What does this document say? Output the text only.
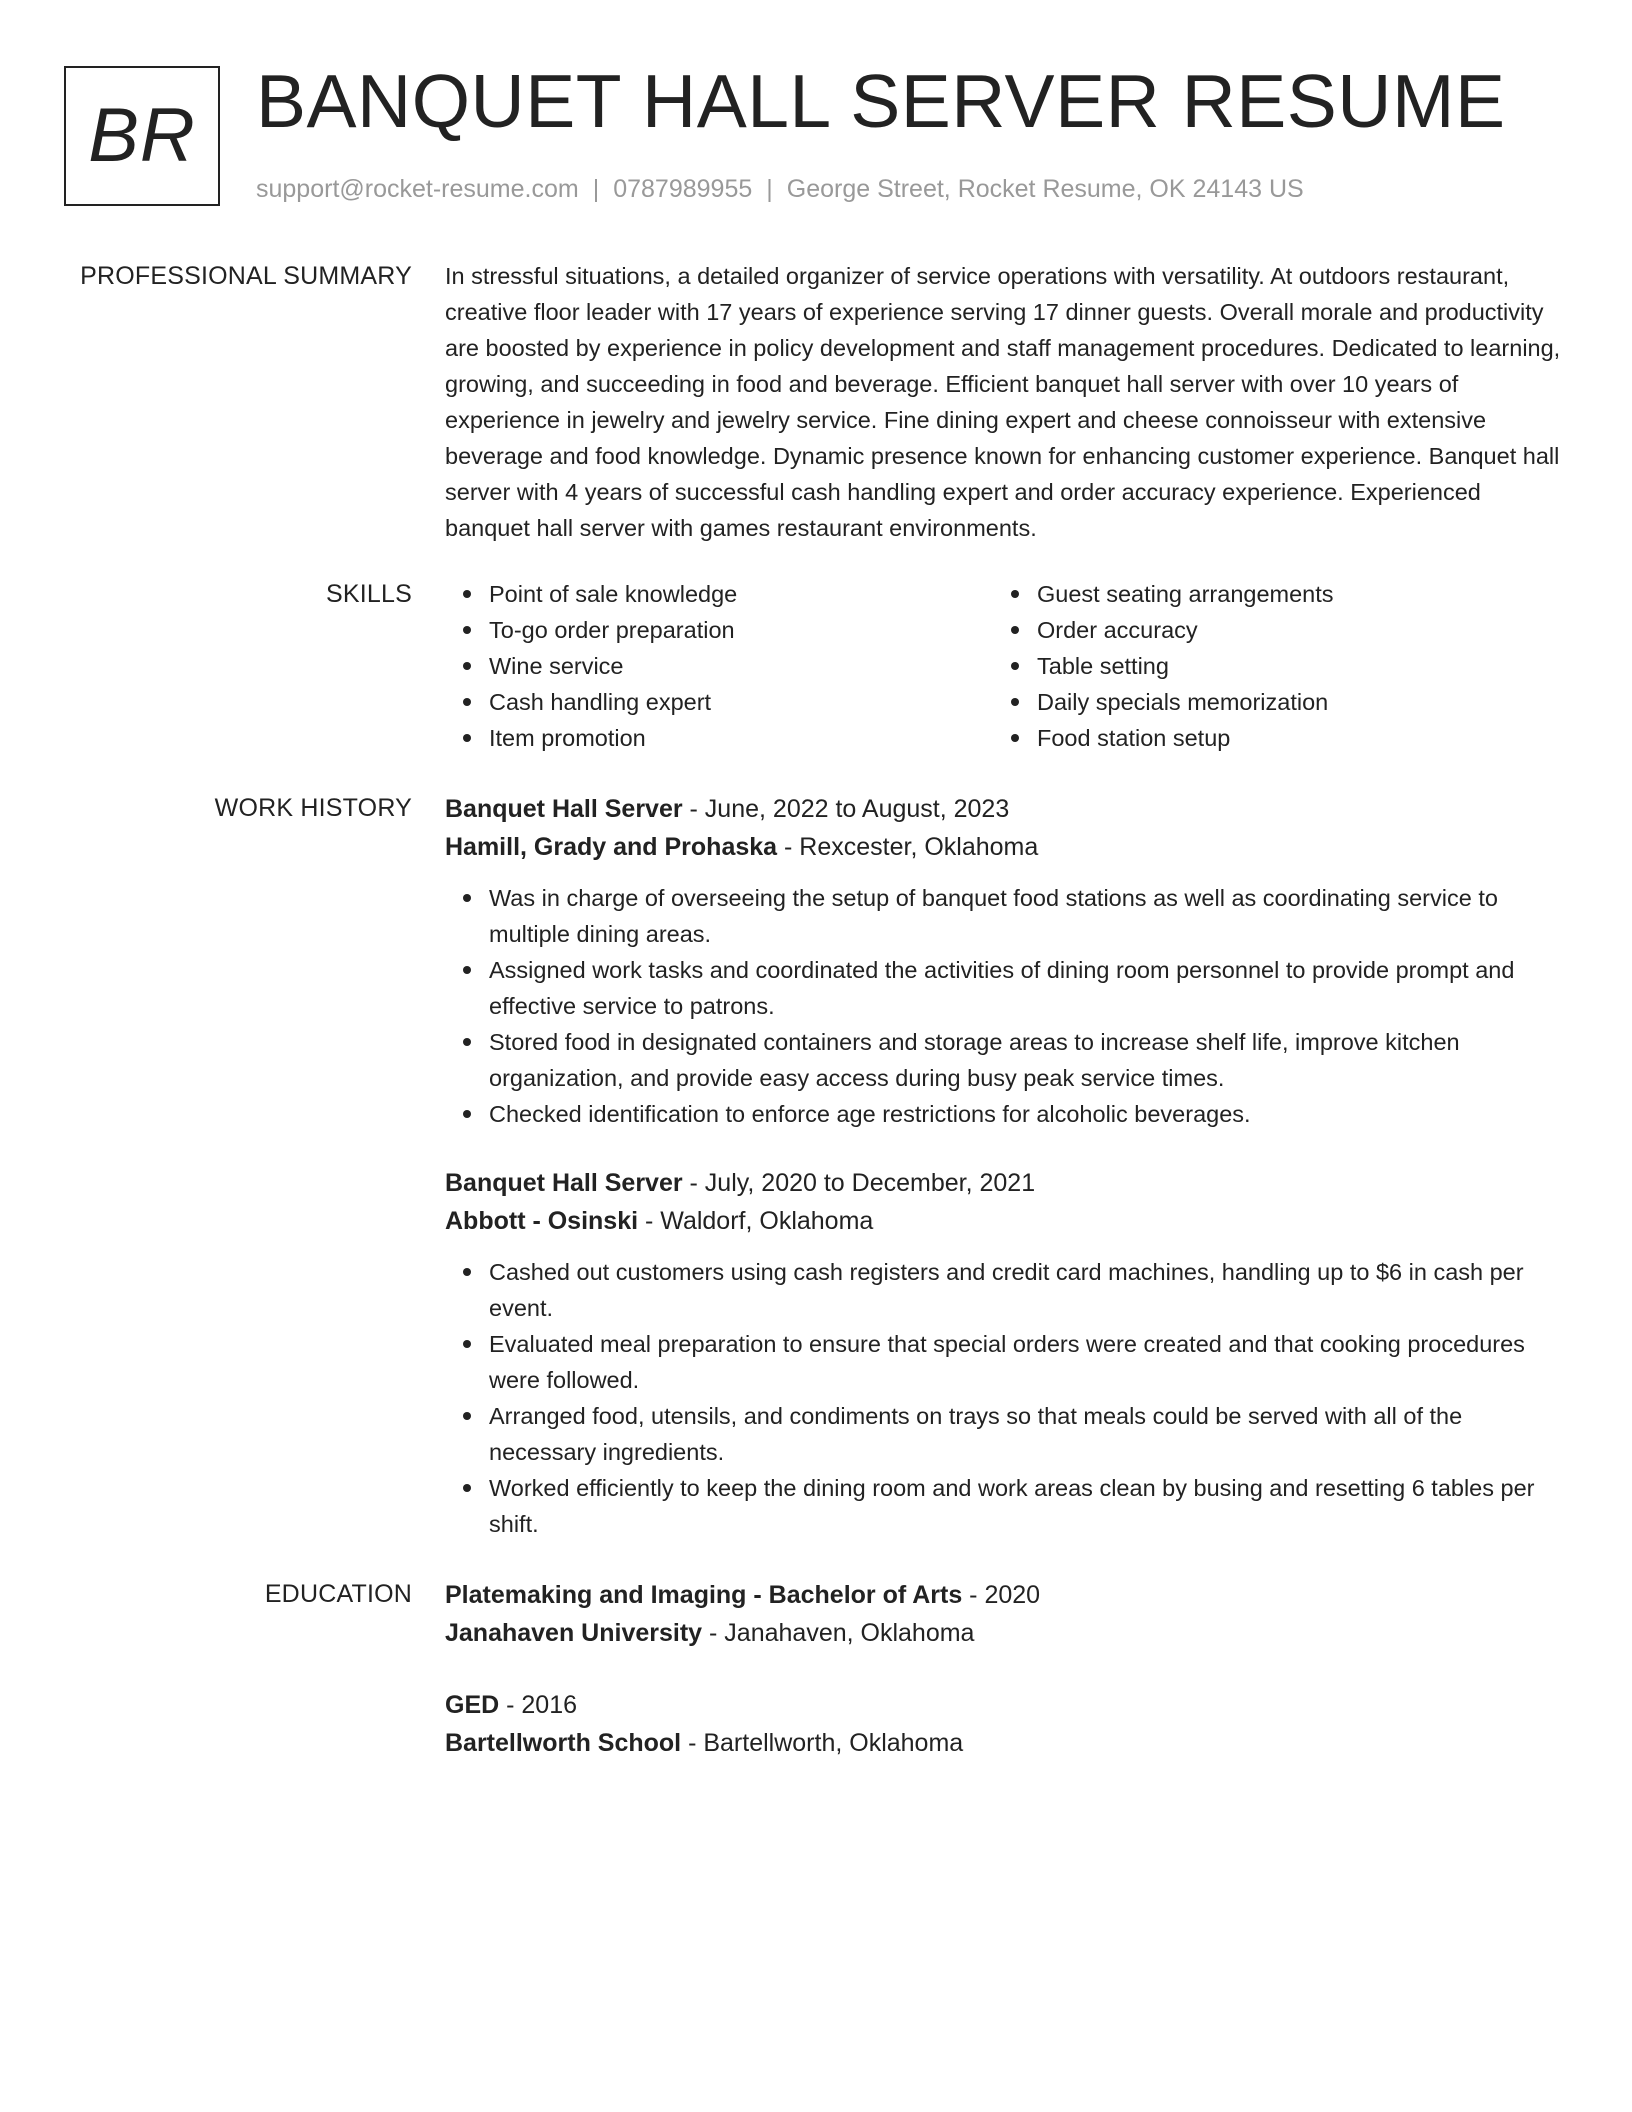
BR BANQUET HALL SERVER RESUME
support@rocket-resume.com | 0787989955 | George Street, Rocket Resume, OK 24143 US
PROFESSIONAL SUMMARY In stressful situations, a detailed organizer of service operations with versatility. At outdoors restaurant, creative floor leader with 17 years of experience serving 17 dinner guests. Overall morale and productivity are boosted by experience in policy development and staff management procedures. Dedicated to learning, growing, and succeeding in food and beverage. Efficient banquet hall server with over 10 years of experience in jewelry and jewelry service. Fine dining expert and cheese connoisseur with extensive beverage and food knowledge. Dynamic presence known for enhancing customer experience. Banquet hall server with 4 years of successful cash handling expert and order accuracy experience. Experienced banquet hall server with games restaurant environments.

SKILLS	Point of sale knowledge
To-go order preparation
Wine service
Cash handling expert
Item promotion
Guest seating arrangements
Order accuracy
Table setting
Daily specials memorization
Food station setup
WORK HISTORY Banquet Hall Server - June, 2022 to August, 2023
Hamill, Grady and Prohaska - Rexcester, Oklahoma
Was in charge of overseeing the setup of banquet food stations as well as coordinating service to multiple dining areas.
Assigned work tasks and coordinated the activities of dining room personnel to provide prompt and effective service to patrons.
Stored food in designated containers and storage areas to increase shelf life, improve kitchen organization, and provide easy access during busy peak service times.
Checked identification to enforce age restrictions for alcoholic beverages.
Banquet Hall Server - July, 2020 to December, 2021
Abbott - Osinski - Waldorf, Oklahoma
Cashed out customers using cash registers and credit card machines, handling up to $6 in cash per event.
Evaluated meal preparation to ensure that special orders were created and that cooking procedures were followed.
Arranged food, utensils, and condiments on trays so that meals could be served with all of the necessary ingredients.
Worked efficiently to keep the dining room and work areas clean by busing and resetting 6 tables per shift.
EDUCATION Platemaking and Imaging - Bachelor of Arts - 2020
Janahaven University - Janahaven, Oklahoma
GED - 2016
Bartellworth School - Bartellworth, Oklahoma
